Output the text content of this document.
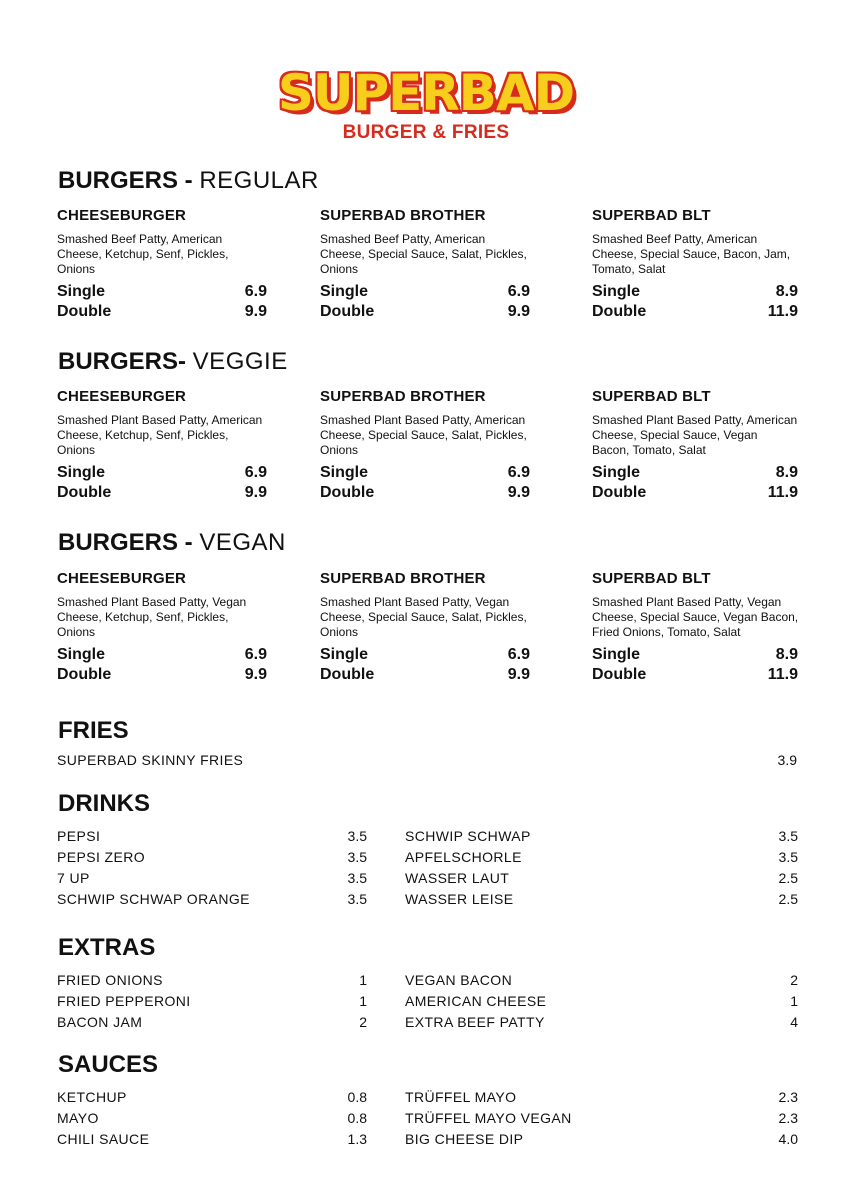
SUPERBAD
BURGER & FRIES
BURGERS - REGULAR
CHEESEBURGER
Smashed Beef Patty, American Cheese, Ketchup, Senf, Pickles, Onions
Single	6.9
Double	9.9
SUPERBAD BROTHER
Smashed Beef Patty, American Cheese, Special Sauce, Salat, Pickles, Onions
Single	6.9
Double	9.9
SUPERBAD BLT
Smashed Beef Patty, American Cheese, Special Sauce, Bacon, Jam, Tomato, Salat
Single	8.9
Double	11.9
BURGERS- VEGGIE
CHEESEBURGER
Smashed Plant Based Patty, American Cheese, Ketchup, Senf, Pickles, Onions
Single	6.9
Double	9.9
SUPERBAD BROTHER
Smashed Plant Based Patty, American Cheese, Special Sauce, Salat, Pickles, Onions
Single	6.9
Double	9.9
SUPERBAD BLT
Smashed Plant Based Patty, American Cheese, Special Sauce, Vegan Bacon, Tomato, Salat
Single	8.9
Double	11.9
BURGERS - VEGAN
CHEESEBURGER
Smashed Plant Based Patty, Vegan Cheese, Ketchup, Senf, Pickles, Onions
Single	6.9
Double	9.9
SUPERBAD BROTHER
Smashed Plant Based Patty, Vegan Cheese, Special Sauce, Salat, Pickles, Onions
Single	6.9
Double	9.9
SUPERBAD BLT
Smashed Plant Based Patty, Vegan Cheese, Special Sauce, Vegan Bacon, Fried Onions, Tomato, Salat
Single	8.9
Double	11.9
FRIES
SUPERBAD SKINNY FRIES	3.9
DRINKS
PEPSI	3.5
PEPSI ZERO	3.5
7 UP	3.5
SCHWIP SCHWAP ORANGE	3.5
SCHWIP SCHWAP	3.5
APFELSCHORLE	3.5
WASSER LAUT	2.5
WASSER LEISE	2.5
EXTRAS
FRIED ONIONS	1
FRIED PEPPERONI	1
BACON JAM	2
VEGAN BACON	2
AMERICAN CHEESE	1
EXTRA BEEF PATTY	4
SAUCES
KETCHUP	0.8
MAYO	0.8
CHILI SAUCE	1.3
TRÜFFEL MAYO	2.3
TRÜFFEL MAYO VEGAN	2.3
BIG CHEESE DIP	4.0
